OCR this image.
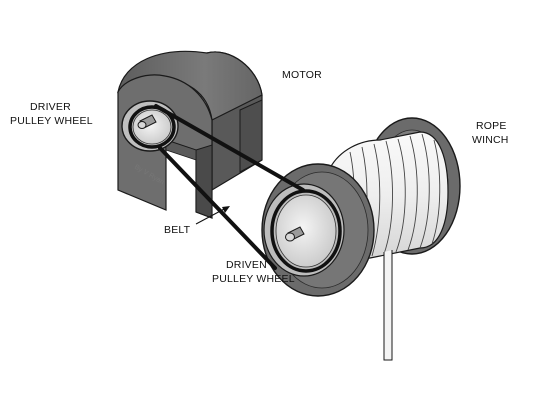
By V Ryan
MOTOR
DRIVER
PULLEY WHEEL	ROPE
WINCH
BELT
DRIVEN
PULLEY WHEEL
